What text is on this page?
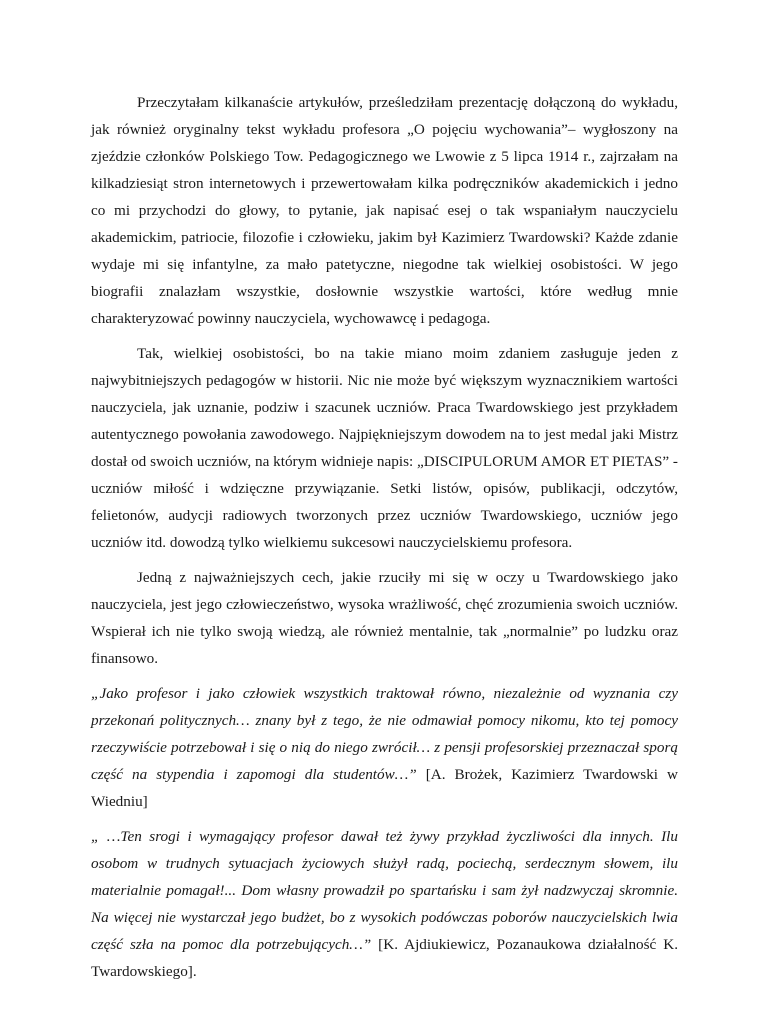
Przeczytałam kilkanaście artykułów, prześledziłam prezentację dołączoną do wykładu, jak również oryginalny tekst wykładu profesora „O pojęciu wychowania”– wygłoszony na zjeździe członków Polskiego Tow. Pedagogicznego we Lwowie z 5 lipca 1914 r., zajrzałam na kilkadziesiąt stron internetowych i przewertowałam kilka podręczników akademickich i jedno co mi przychodzi do głowy, to pytanie, jak napisać esej o tak wspaniałym nauczycielu akademickim, patriocie, filozofie i człowieku, jakim był Kazimierz Twardowski? Każde zdanie wydaje mi się infantylne, za mało patetyczne, niegodne tak wielkiej osobistości. W jego biografii znalazłam wszystkie, dosłownie wszystkie wartości, które według mnie charakteryzować powinny nauczyciela, wychowawcę i pedagoga.

Tak, wielkiej osobistości, bo na takie miano moim zdaniem zasługuje jeden z najwybitniejszych pedagogów w historii. Nic nie może być większym wyznacznikiem wartości nauczyciela, jak uznanie, podziw i szacunek uczniów. Praca Twardowskiego jest przykładem autentycznego powołania zawodowego. Najpiękniejszym dowodem na to jest medal jaki Mistrz dostał od swoich uczniów, na którym widnieje napis: „DISCIPULORUM AMOR ET PIETAS” - uczniów miłość i wdzięczne przywiązanie. Setki listów, opisów, publikacji, odczytów, felietonów, audycji radiowych tworzonych przez uczniów Twardowskiego, uczniów jego uczniów itd. dowodzą tylko wielkiemu sukcesowi nauczycielskiemu profesora.

Jedną z najważniejszych cech, jakie rzuciły mi się w oczy u Twardowskiego jako nauczyciela, jest jego człowieczeństwo, wysoka wrażliwość, chęć zrozumienia swoich uczniów. Wspierał ich nie tylko swoją wiedzą, ale również mentalnie, tak „normalnie” po ludzku oraz finansowo.

„Jako profesor i jako człowiek wszystkich traktował równo, niezależnie od wyznania czy przekonań politycznych… znany był z tego, że nie odmawiał pomocy nikomu, kto tej pomocy rzeczywiście potrzebował i się o nią do niego zwrócił… z pensji profesorskiej przeznaczał sporą część na stypendia i zapomogi dla studentów…” [A. Brożek, Kazimierz Twardowski w Wiedniu]

„ …Ten srogi i wymagający profesor dawał też żywy przykład życzliwości dla innych. Ilu osobom w trudnych sytuacjach życiowych służył radą, pociechą, serdecznym słowem, ilu materialnie pomagał!... Dom własny prowadził po spartańsku i sam żył nadzwyczaj skromnie. Na więcej nie wystarczał jego budżet, bo z wysokich podówczas poborów nauczycielskich lwia część szła na pomoc dla potrzebujących…” [K. Ajdiukiewicz, Pozanaukowa działalność K. Twardowskiego].
